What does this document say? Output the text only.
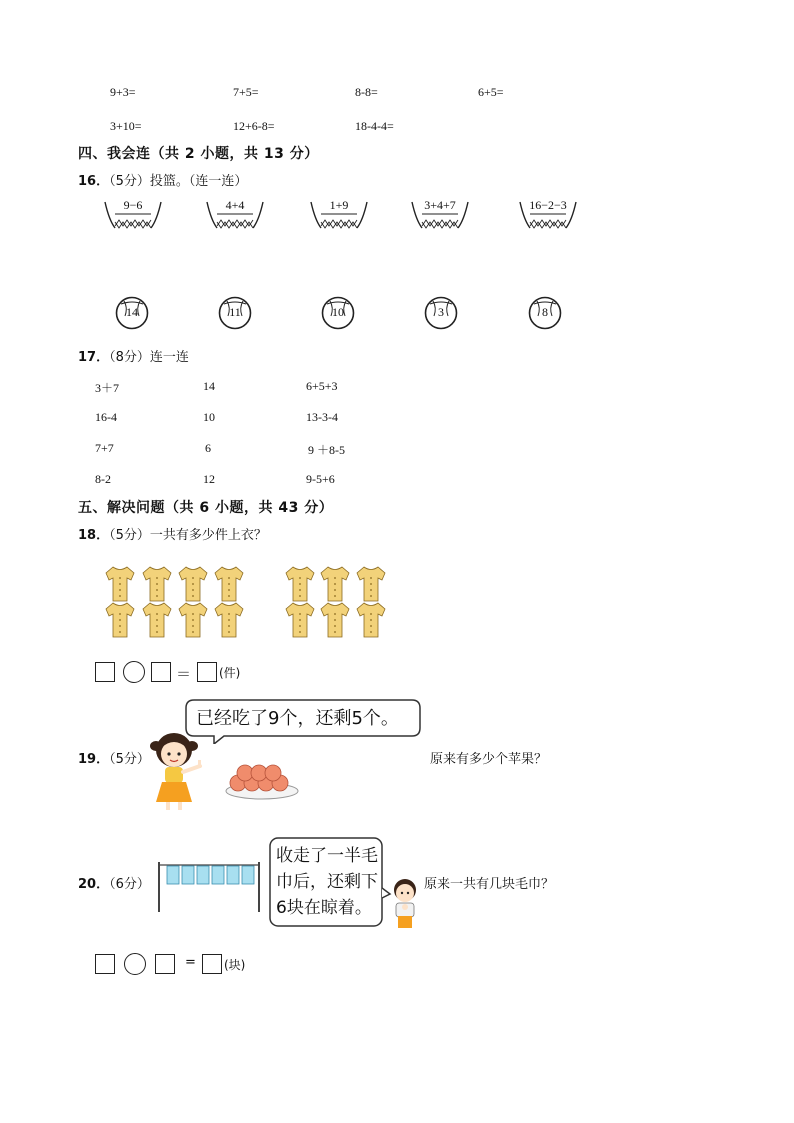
9+3=	7+5=	8-8=	6+5=
3+10=	12+6-8=	18-4-4=
四、我会连（共 2 小题，共 13 分）
16．（5分）投篮。（连一连）
9−6	4+4	1+9	3+4+7	16−2−3
14	11	10	3	8
17．（8分）连一连
3＋7	14	6+5+3
16-4	10	13-3-4
7+7	6	9 ＋8-5
8-2	12	9-5+6
五、解决问题（共 6 小题，共 43 分）
18．（5分）一共有多少件上衣？
＝ (件)
已经吃了9个，还剩5个。
19．（5分）	原来有多少个苹果？
20．（6分）
收走了一半毛
巾后，还剩下
6块在晾着。
原来一共有几块毛巾？
= (块)
